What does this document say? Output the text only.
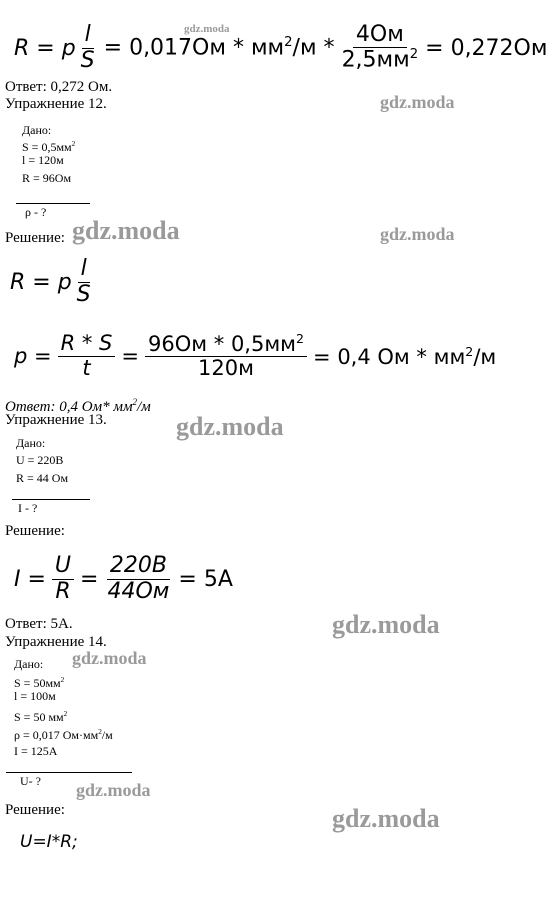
R = p $\frac{l}{S} = 0,017Ом * мм^2/м * \frac{4Ом}{2,5мм^2} = 0,272Ом$
gdz.moda
Ответ: 0,272 Ом.
Упражнение 12.	gdz.moda
Дано:
$S = 0,5мм^2$
l = 120м
R = 96Ом
ρ - ?
Решение: gdz.moda	gdz.moda
R = p $\frac{l}{S}$
$p = \frac{R * S}{t} = \frac{96Ом * 0,5мм^2}{120м} = 0,4$ Ом * $мм^2/м$
Ответ: 0,4 Ом* $мм^2/м$
Упражнение 13.	gdz.moda
Дано:
U = 220В
R = 44 Ом
I - ?
Решение:
$I = \frac{U}{R} = \frac{220B}{44Ом} = 5A$
Ответ: 5А.	gdz.moda
Упражнение 14.
Дано: gdz.moda
$S = 50мм^2$
l = 100м
S = 50 $мм^2$
ρ = 0,017 $Ом\cdot мм^2/м$
I = 125А
U- ? gdz.moda
Решение:	gdz.moda
U=I*R;
